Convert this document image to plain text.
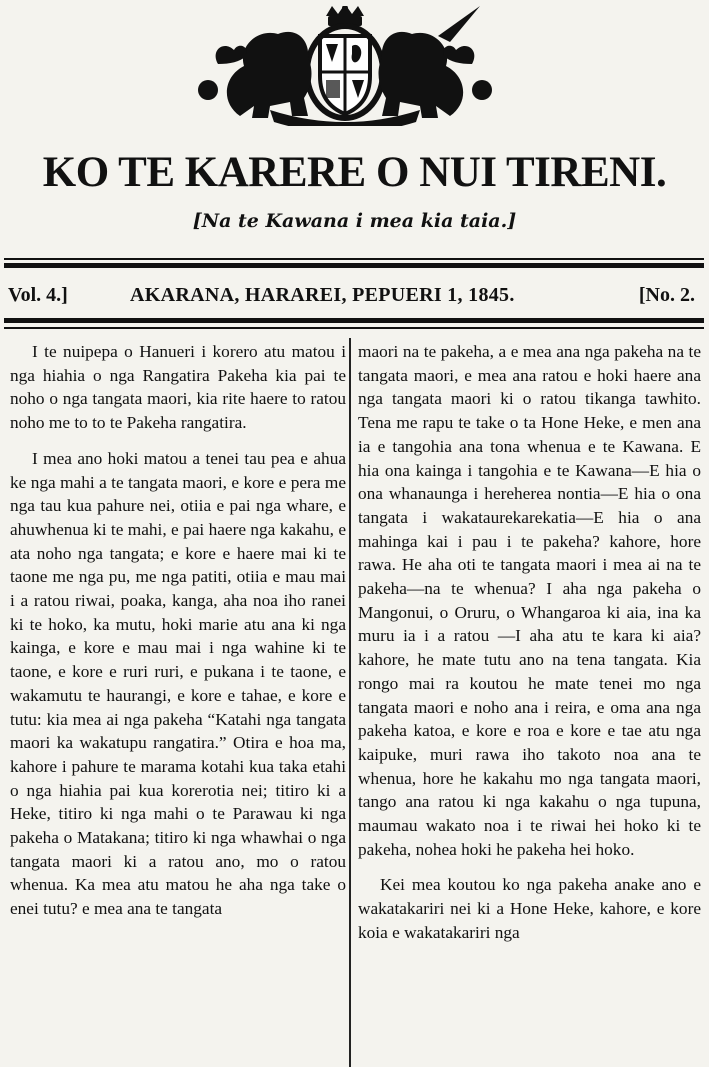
KO TE KARERE O NUI TIRENI.
[Na te Kawana i mea kia taia.]
Vol. 4.]	AKARANA, HARAREI, PEPUERI 1, 1845.	[No. 2.

I te nuipepa o Hanueri i korero atu matou i nga hiahia o nga Rangatira Pakeha kia pai te noho o nga tangata maori, kia rite haere to ratou noho me to to te Pakeha rangatira.

I mea ano hoki matou a tenei tau pea e ahua ke nga mahi a te tangata maori, e kore e pera me nga tau kua pahure nei, otiia e pai nga whare, e ahuwhenua ki te mahi, e pai haere nga kakahu, e ata noho nga tangata; e kore e haere mai ki te taone me nga pu, me nga patiti, otiia e mau mai i a ratou riwai, poaka, kanga, aha noa iho ranei ki te hoko, ka mutu, hoki marie atu ana ki nga kainga, e kore e mau mai i nga wahine ki te taone, e kore e ruri ruri, e pukana i te taone, e wakamutu te haurangi, e kore e tahae, e kore e tutu: kia mea ai nga pakeha “Katahi nga tangata maori ka wakatupu rangatira.” Otira e hoa ma, kahore i pahure te marama kotahi kua taka etahi o nga hiahia pai kua korerotia nei; titiro ki a Heke, titiro ki nga mahi o te Parawau ki nga pakeha o Matakana; titiro ki nga whawhai o nga tangata maori ki a ratou ano, mo o ratou whenua. Ka mea atu matou he aha nga take o enei tutu? e mea ana te tangata

maori na te pakeha, a e mea ana nga pakeha na te tangata maori, e mea ana ratou e hoki haere ana nga tangata maori ki o ratou tikanga tawhito. Tena me rapu te take o ta Hone Heke, e men ana ia e tangohia ana tona whenua e te Kawana. E hia ona kainga i tangohia e te Kawana—E hia o ona whanaunga i hereherea nontia—E hia o ona tangata i wakataurekarekatia—E hia o ana mahinga kai i pau i te pakeha? kahore, hore rawa. He aha oti te tangata maori i mea ai na te pakeha—na te whenua? I aha nga pakeha o Mangonui, o Oruru, o Whangaroa ki aia, ina ka muru ia i a ratou —I aha atu te kara ki aia? kahore, he mate tutu ano na tena tangata. Kia rongo mai ra koutou he mate tenei mo nga tangata maori e noho ana i reira, e oma ana nga pakeha katoa, e kore e roa e kore e tae atu nga kaipuke, muri rawa iho takoto noa ana te whenua, hore he kakahu mo nga tangata maori, tango ana ratou ki nga kakahu o nga tupuna, maumau wakato noa i te riwai hei hoko ki te pakeha, nohea hoki he pakeha hei hoko.

Kei mea koutou ko nga pakeha anake ano e wakatakariri nei ki a Hone Heke, kahore, e kore koia e wakatakariri nga
